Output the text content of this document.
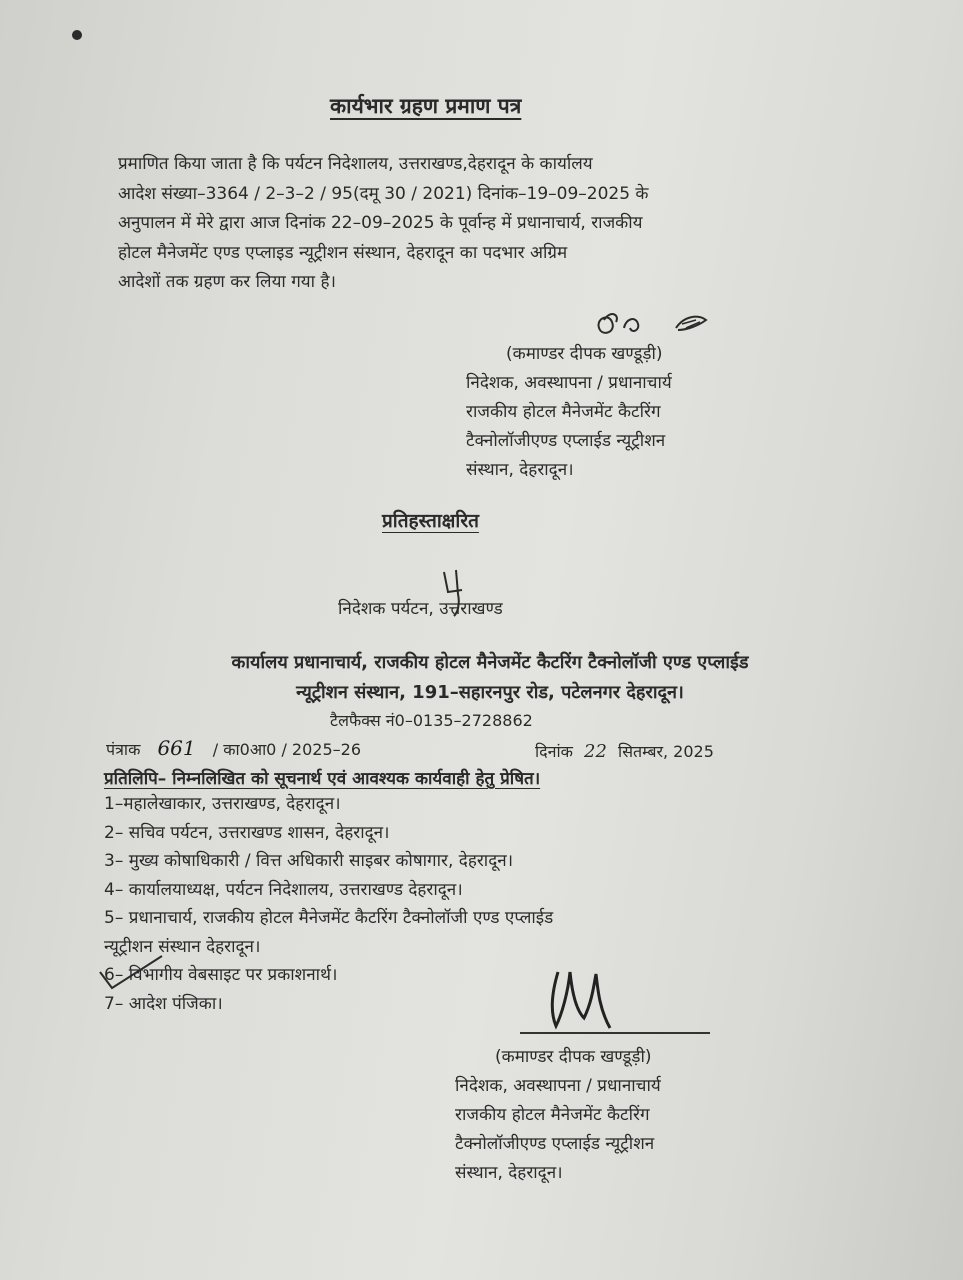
कार्यभार ग्रहण प्रमाण पत्र
प्रमाणित किया जाता है कि पर्यटन निदेशालय, उत्तराखण्ड,देहरादून के कार्यालय
आदेश संख्या–3364 / 2–3–2 / 95(दमू 30 / 2021) दिनांक–19–09–2025 के
अनुपालन में मेरे द्वारा आज दिनांक 22–09–2025 के पूर्वान्ह में प्रधानाचार्य, राजकीय
होटल मैनेजमेंट एण्ड एप्लाइड न्यूट्रीशन संस्थान, देहरादून का पदभार अग्रिम
आदेशों तक ग्रहण कर लिया गया है।
(कमाण्डर दीपक खण्डूड़ी)
निदेशक, अवस्थापना / प्रधानाचार्य
राजकीय होटल मैनेजमेंट कैटरिंग
टैक्नोलॉजीएण्ड एप्लाईड न्यूट्रीशन
संस्थान, देहरादून।
प्रतिहस्ताक्षरित
निदेशक पर्यटन, उत्तराखण्ड
कार्यालय प्रधानाचार्य, राजकीय होटल मैनेजमेंट कैटरिंग टैक्नोलॉजी एण्ड एप्लाईड
न्यूट्रीशन संस्थान, 191–सहारनपुर रोड, पटेलनगर देहरादून।
टैलफैक्स नं0–0135–2728862
पंत्राक 661 / का0आ0 / 2025–26	दिनांक 22 सितम्बर, 2025
प्रतिलिपि– निम्नलिखित को सूचनार्थ एवं आवश्यक कार्यवाही हेतु प्रेषित।
1–महालेखाकार, उत्तराखण्ड, देहरादून।
2– सचिव पर्यटन, उत्तराखण्ड शासन, देहरादून।
3– मुख्य कोषाधिकारी / वित्त अधिकारी साइबर कोषागार, देहरादून।
4– कार्यालयाध्यक्ष, पर्यटन निदेशालय, उत्तराखण्ड देहरादून।
5– प्रधानाचार्य, राजकीय होटल मैनेजमेंट कैटरिंग टैक्नोलॉजी एण्ड एप्लाईड
न्यूट्रीशन संस्थान देहरादून।
6– विभागीय वेबसाइट पर प्रकाशनार्थ।
7– आदेश पंजिका।
(कमाण्डर दीपक खण्डूड़ी)
निदेशक, अवस्थापना / प्रधानाचार्य
राजकीय होटल मैनेजमेंट कैटरिंग
टैक्नोलॉजीएण्ड एप्लाईड न्यूट्रीशन
संस्थान, देहरादून।
